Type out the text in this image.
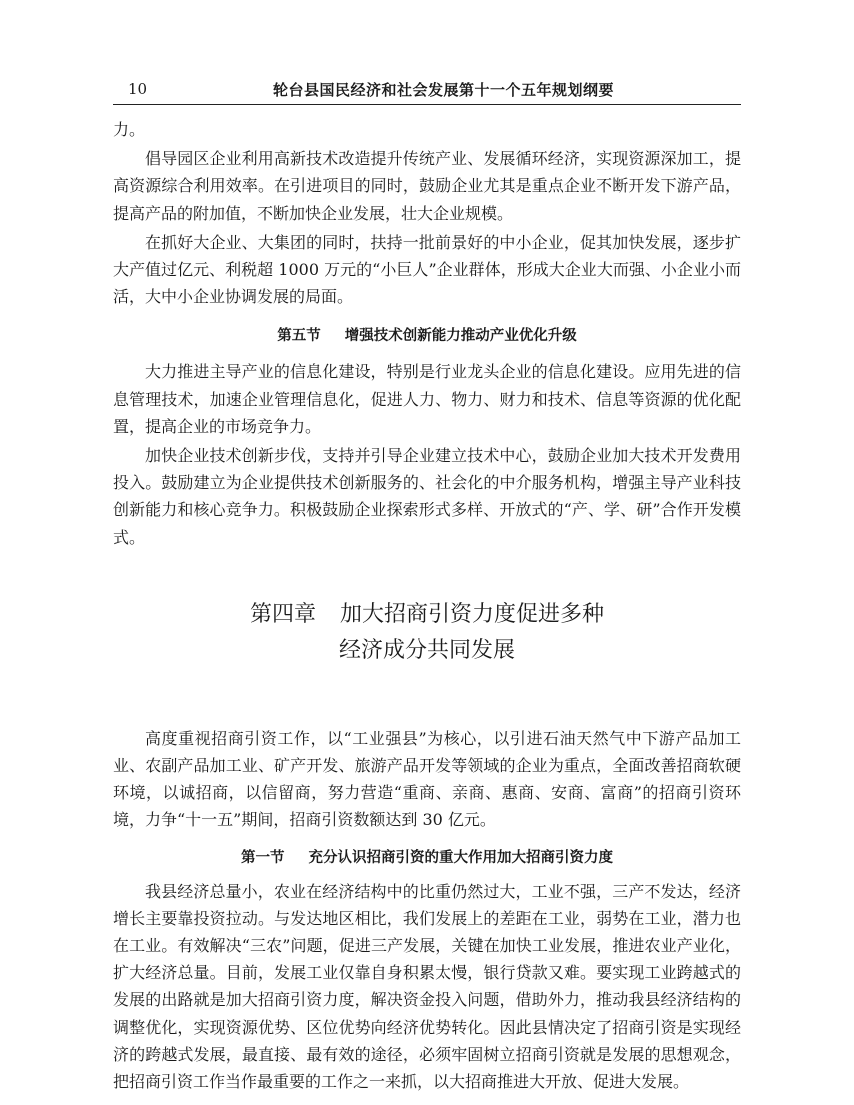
10	轮台县国民经济和社会发展第十一个五年规划纲要

力。

倡导园区企业利用高新技术改造提升传统产业、发展循环经济，实现资源深加工，提高资源综合利用效率。在引进项目的同时，鼓励企业尤其是重点企业不断开发下游产品，提高产品的附加值，不断加快企业发展，壮大企业规模。

在抓好大企业、大集团的同时，扶持一批前景好的中小企业，促其加快发展，逐步扩大产值过亿元、利税超 1000 万元的“小巨人”企业群体，形成大企业大而强、小企业小而活，大中小企业协调发展的局面。

第五节 增强技术创新能力推动产业优化升级

大力推进主导产业的信息化建设，特别是行业龙头企业的信息化建设。应用先进的信息管理技术，加速企业管理信息化，促进人力、物力、财力和技术、信息等资源的优化配置，提高企业的市场竞争力。

加快企业技术创新步伐，支持并引导企业建立技术中心，鼓励企业加大技术开发费用投入。鼓励建立为企业提供技术创新服务的、社会化的中介服务机构，增强主导产业科技创新能力和核心竞争力。积极鼓励企业探索形式多样、开放式的“产、学、研”合作开发模式。

第四章 加大招商引资力度促进多种
经济成分共同发展

高度重视招商引资工作，以“工业强县”为核心，以引进石油天然气中下游产品加工业、农副产品加工业、矿产开发、旅游产品开发等领域的企业为重点，全面改善招商软硬环境，以诚招商，以信留商，努力营造“重商、亲商、惠商、安商、富商”的招商引资环境，力争“十一五”期间，招商引资数额达到 30 亿元。

第一节 充分认识招商引资的重大作用加大招商引资力度

我县经济总量小，农业在经济结构中的比重仍然过大，工业不强，三产不发达，经济增长主要靠投资拉动。与发达地区相比，我们发展上的差距在工业，弱势在工业，潜力也在工业。有效解决“三农”问题，促进三产发展，关键在加快工业发展，推进农业产业化，扩大经济总量。目前，发展工业仅靠自身积累太慢，银行贷款又难。要实现工业跨越式的发展的出路就是加大招商引资力度，解决资金投入问题，借助外力，推动我县经济结构的调整优化，实现资源优势、区位优势向经济优势转化。因此县情决定了招商引资是实现经济的跨越式发展，最直接、最有效的途径，必须牢固树立招商引资就是发展的思想观念，把招商引资工作当作最重要的工作之一来抓，以大招商推进大开放、促进大发展。
